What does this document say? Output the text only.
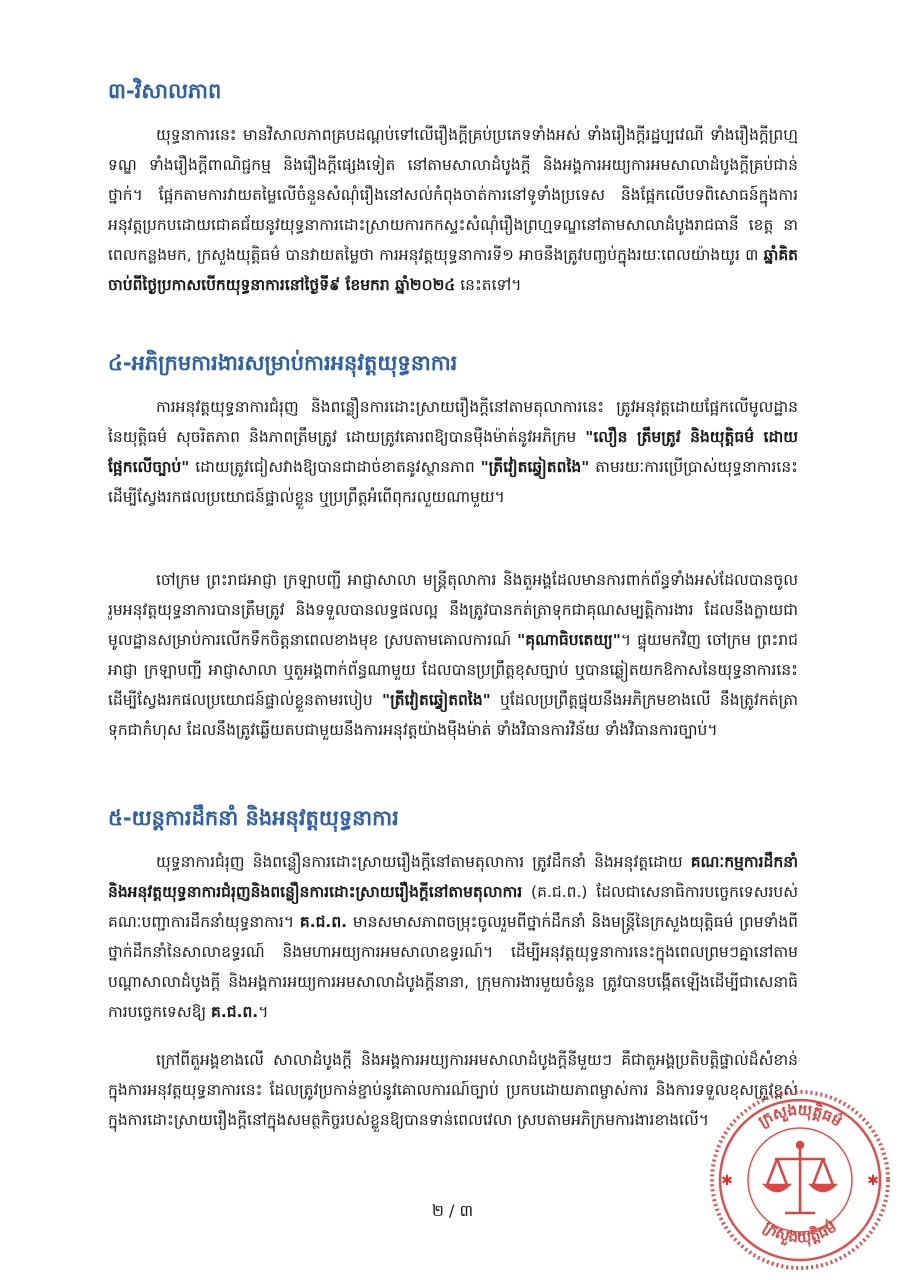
៣-វិសាលភាព
យុទ្ធនាការនេះ មានវិសាលភាពគ្របដណ្តប់ទៅលើរឿងក្តីគ្រប់ប្រភេទទាំងអស់ ទាំងរឿងក្តីរដ្ឋប្បវេណី ទាំងរឿងក្តីព្រហ្មទណ្ឌ ទាំងរឿងក្តីពាណិជ្ជកម្ម និងរឿងក្តីផ្សេងទៀត នៅតាមសាលាដំបូងក្តី និងអង្គការអយ្យការអមសាលាដំបូងក្តីគ្រប់ជាន់ថ្នាក់។ ផ្អែកតាមការវាយតម្លៃលើចំនួនសំណុំរឿងនៅសល់កំពុងចាត់ការនៅទូទាំងប្រទេស និងផ្អែកលើបទពិសោធន៍ក្នុងការអនុវត្តប្រកបដោយជោគជ័យនូវយុទ្ធនាការដោះស្រាយការកកស្ទះសំណុំរឿងព្រហ្មទណ្ឌនៅតាមសាលាដំបូងរាជធានី ខេត្ត នាពេលកន្លងមក, ក្រសួងយុត្តិធម៌ បានវាយតម្លៃថា ការអនុវត្តយុទ្ធនាការទី១ អាចនឹងត្រូវបញ្ចប់ក្នុងរយៈពេលយ៉ាងយូរ ៣ ឆ្នាំគិតចាប់ពីថ្ងៃប្រកាសបើកយុទ្ធនាការនៅថ្ងៃទី៩ ខែមករា ឆ្នាំ២០២៤ នេះតទៅ។
៤-អភិក្រមការងារសម្រាប់ការអនុវត្តយុទ្ធនាការ
ការអនុវត្តយុទ្ធនាការជំរុញ និងពន្លឿនការដោះស្រាយរឿងក្តីនៅតាមតុលាការនេះ ត្រូវអនុវត្តដោយផ្អែកលើមូលដ្ឋាននៃយុត្តិធម៌ សុចរិតភាព និងភាពត្រឹមត្រូវ ដោយត្រូវគោរពឱ្យបានម៉ឺងម៉ាត់នូវអភិក្រម "លឿន ត្រឹមត្រូវ និងយុត្តិធម៌ ដោយផ្អែកលើច្បាប់" ដោយត្រូវជៀសវាងឱ្យបានជាដាច់ខាតនូវស្ថានភាព "ត្រីវៀតឆ្វៀតពងៃ" តាមរយៈការប្រើប្រាស់យុទ្ធនាការនេះ ដើម្បីស្វែងរកផលប្រយោជន៍ផ្ទាល់ខ្លួន ឬប្រព្រឹត្តអំពើពុករលួយណាមួយ។
ចៅក្រម ព្រះរាជអាជ្ញា ក្រឡាបញ្ជី អាជ្ញាសាលា មន្ត្រីតុលាការ និងតួអង្គដែលមានការពាក់ព័ន្ធទាំងអស់ដែលបានចូលរួមអនុវត្តយុទ្ធនាការបានត្រឹមត្រូវ និងទទួលបានលទ្ធផលល្អ នឹងត្រូវបានកត់ត្រាទុកជាគុណសម្បត្តិការងារ ដែលនឹងក្លាយជាមូលដ្ឋានសម្រាប់ការលើកទឹកចិត្តនាពេលខាងមុខ ស្របតាមគោលការណ៍ "គុណាធិបតេយ្យ"។ ផ្ទុយមកវិញ ចៅក្រម ព្រះរាជអាជ្ញា ក្រឡាបញ្ជី អាជ្ញាសាលា ឬតួអង្គពាក់ព័ន្ធណាមួយ ដែលបានប្រព្រឹត្តខុសច្បាប់ ឬបានឆ្លៀតយកឱកាសនៃយុទ្ធនាការនេះ ដើម្បីស្វែងរកផលប្រយោជន៍ផ្ទាល់ខ្លួនតាមរបៀប "ត្រីវៀតឆ្វៀតពងៃ" ឬដែលប្រព្រឹត្តផ្ទុយនឹងអភិក្រមខាងលើ នឹងត្រូវកត់ត្រាទុកជាកំហុស ដែលនឹងត្រូវឆ្លើយតបជាមួយនឹងការអនុវត្តយ៉ាងម៉ឺងម៉ាត់ ទាំងវិធានការវិន័យ ទាំងវិធានការច្បាប់។
៥-យន្តការដឹកនាំ និងអនុវត្តយុទ្ធនាការ
យុទ្ធនាការជំរុញ និងពន្លឿនការដោះស្រាយរឿងក្តីនៅតាមតុលាការ ត្រូវដឹកនាំ និងអនុវត្តដោយ គណៈកម្មការដឹកនាំ និងអនុវត្តយុទ្ធនាការជំរុញនិងពន្លឿនការដោះស្រាយរឿងក្តីនៅតាមតុលាការ (គ.ជ.ព.) ដែលជាសេនាធិការបច្ចេកទេសរបស់គណៈបញ្ជាការដឹកនាំយុទ្ធនាការ។ គ.ជ.ព. មានសមាសភាពចម្រុះចូលរួមពីថ្នាក់ដឹកនាំ និងមន្ត្រីនៃក្រសួងយុត្តិធម៌ ព្រមទាំងពីថ្នាក់ដឹកនាំនៃសាលាឧទ្ធរណ៍ និងមហាអយ្យការអមសាលាឧទ្ធរណ៍។ ដើម្បីអនុវត្តយុទ្ធនាការនេះក្នុងពេលព្រមៗគ្នានៅតាមបណ្តាសាលាដំបូងក្តី និងអង្គការអយ្យការអមសាលាដំបូងក្តីនានា, ក្រុមការងារមួយចំនួន ត្រូវបានបង្កើតឡើងដើម្បីជាសេនាធិការបច្ចេកទេសឱ្យ គ.ជ.ព.។
ក្រៅពីតួអង្គខាងលើ សាលាដំបូងក្តី និងអង្គការអយ្យការអមសាលាដំបូងក្តីនីមួយៗ គឺជាតួអង្គប្រតិបត្តិផ្ទាល់ដ៏សំខាន់ក្នុងការអនុវត្តយុទ្ធនាការនេះ ដែលត្រូវប្រកាន់ខ្ជាប់នូវគោលការណ៍ច្បាប់ ប្រកបដោយភាពម្ចាស់ការ និងការទទួលខុសត្រូវខ្ពស់ ក្នុងការដោះស្រាយរឿងក្តីនៅក្នុងសមត្ថកិច្ចរបស់ខ្លួនឱ្យបានទាន់ពេលវេលា ស្របតាមអភិក្រមការងារខាងលើ។
២ / ៣
ក្រសួងយុត្តិធម៌
ក្រសួងយុត្តិធម៌
✱	✱
